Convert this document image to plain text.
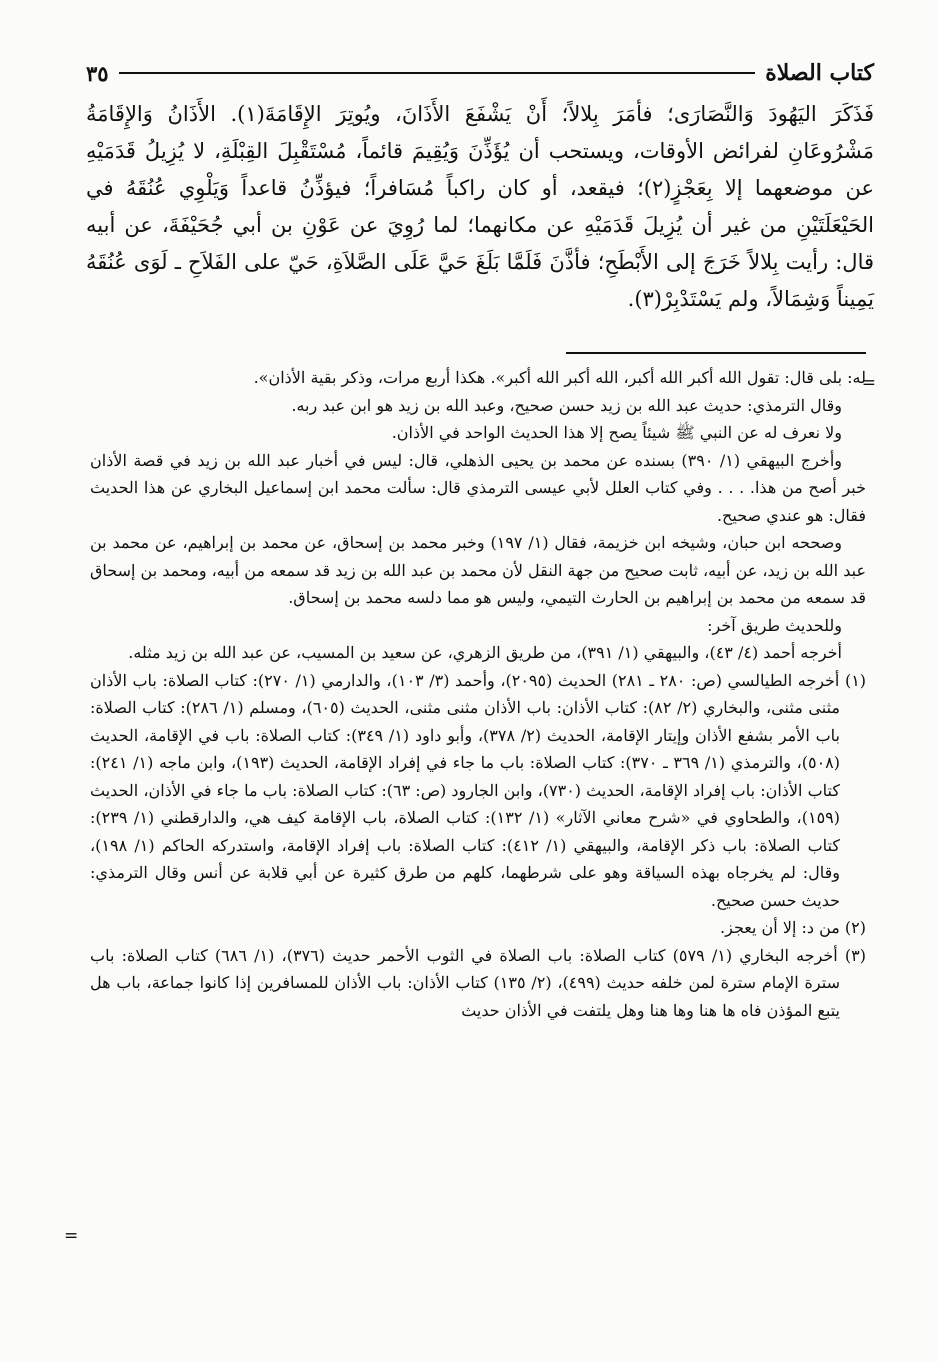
كتاب الصلاة
٣٥

فَذَكَرَ اليَهُودَ وَالنَّصَارَى؛ فأمَرَ بِلالاً؛ أَنْ يَشْفَعَ الأَذَانَ، ويُوتِرَ الإِقَامَةَ(١). الأَذَانُ وَالإِقَامَةُ مَشْرُوعَانِ لفرائض الأوقات، ويستحب أن يُؤَذِّنَ وَيُقِيمَ قائماً، مُسْتَقْبِلَ القِبْلَةِ، لا يُزِيلُ قَدَمَيْهِ عن موضعهما إلا بِعَجْزٍ(٢)؛ فيقعد، أو كان راكباً مُسَافراً؛ فيؤذِّنُ قاعداً وَيَلْوِي عُنُقَهُ في الحَيْعَلَتَيْنِ من غير أن يُزِيلَ قَدَمَيْهِ عن مكانهما؛ لما رُوِيَ عن عَوْنِ بن أبي جُحَيْفَةَ، عن أبيه قال: رأيت بِلالاً خَرَجَ إلى الأَبْطَحِ؛ فأذَّنَ فَلَمَّا بَلَغَ حَيَّ عَلَى الصَّلاَةِ، حَيّ على الفَلاَحِ ـ لَوَى عُنُقَهُ يَمِيناً وَشِمَالاً، ولم يَسْتَدْبِرْ(٣).

=

له: بلى قال: تقول الله أكبر الله أكبر، الله أكبر الله أكبر». هكذا أربع مرات، وذكر بقية الأذان».

وقال الترمذي: حديث عبد الله بن زيد حسن صحيح، وعبد الله بن زيد هو ابن عبد ربه.

ولا نعرف له عن النبي ﷺ شيئاً يصح إلا هذا الحديث الواحد في الأذان.

وأخرج البيهقي (١/ ٣٩٠) بسنده عن محمد بن يحيى الذهلي، قال: ليس في أخبار عبد الله بن زيد في قصة الأذان خبر أصح من هذا. . . . وفي كتاب العلل لأبي عيسى الترمذي قال: سألت محمد ابن إسماعيل البخاري عن هذا الحديث فقال: هو عندي صحيح.

وصححه ابن حبان، وشيخه ابن خزيمة، فقال (١/ ١٩٧) وخبر محمد بن إسحاق، عن محمد بن إبراهيم، عن محمد بن عبد الله بن زيد، عن أبيه، ثابت صحيح من جهة النقل لأن محمد بن عبد الله بن زيد قد سمعه من أبيه، ومحمد بن إسحاق قد سمعه من محمد بن إبراهيم بن الحارث التيمي، وليس هو مما دلسه محمد بن إسحاق.

وللحديث طريق آخر:

أخرجه أحمد (٤/ ٤٣)، والبيهقي (١/ ٣٩١)، من طريق الزهري، عن سعيد بن المسيب، عن عبد الله بن زيد مثله.

(١) أخرجه الطيالسي (ص: ٢٨٠ ـ ٢٨١) الحديث (٢٠٩٥)، وأحمد (٣/ ١٠٣)، والدارمي (١/ ٢٧٠): كتاب الصلاة: باب الأذان مثنى مثنى، والبخاري (٢/ ٨٢): كتاب الأذان: باب الأذان مثنى مثنى، الحديث (٦٠٥)، ومسلم (١/ ٢٨٦): كتاب الصلاة: باب الأمر بشفع الأذان وإيتار الإقامة، الحديث (٢/ ٣٧٨)، وأبو داود (١/ ٣٤٩): كتاب الصلاة: باب في الإقامة، الحديث (٥٠٨)، والترمذي (١/ ٣٦٩ ـ ٣٧٠): كتاب الصلاة: باب ما جاء في إفراد الإقامة، الحديث (١٩٣)، وابن ماجه (١/ ٢٤١): كتاب الأذان: باب إفراد الإقامة، الحديث (٧٣٠)، وابن الجارود (ص: ٦٣): كتاب الصلاة: باب ما جاء في الأذان، الحديث (١٥٩)، والطحاوي في «شرح معاني الآثار» (١/ ١٣٢): كتاب الصلاة، باب الإقامة كيف هي، والدارقطني (١/ ٢٣٩): كتاب الصلاة: باب ذكر الإقامة، والبيهقي (١/ ٤١٢): كتاب الصلاة: باب إفراد الإقامة، واستدركه الحاكم (١/ ١٩٨)، وقال: لم يخرجاه بهذه السياقة وهو على شرطهما، كلهم من طرق كثيرة عن أبي قلابة عن أنس وقال الترمذي: حديث حسن صحيح.

(٢) من د: إلا أن يعجز.

(٣) أخرجه البخاري (١/ ٥٧٩) كتاب الصلاة: باب الصلاة في الثوب الأحمر حديث (٣٧٦)، (١/ ٦٨٦) كتاب الصلاة: باب سترة الإمام سترة لمن خلفه حديث (٤٩٩)، (٢/ ١٣٥) كتاب الأذان: باب الأذان للمسافرين إذا كانوا جماعة، باب هل يتبع المؤذن فاه ها هنا وها هنا وهل يلتفت في الأذان حديث

=
